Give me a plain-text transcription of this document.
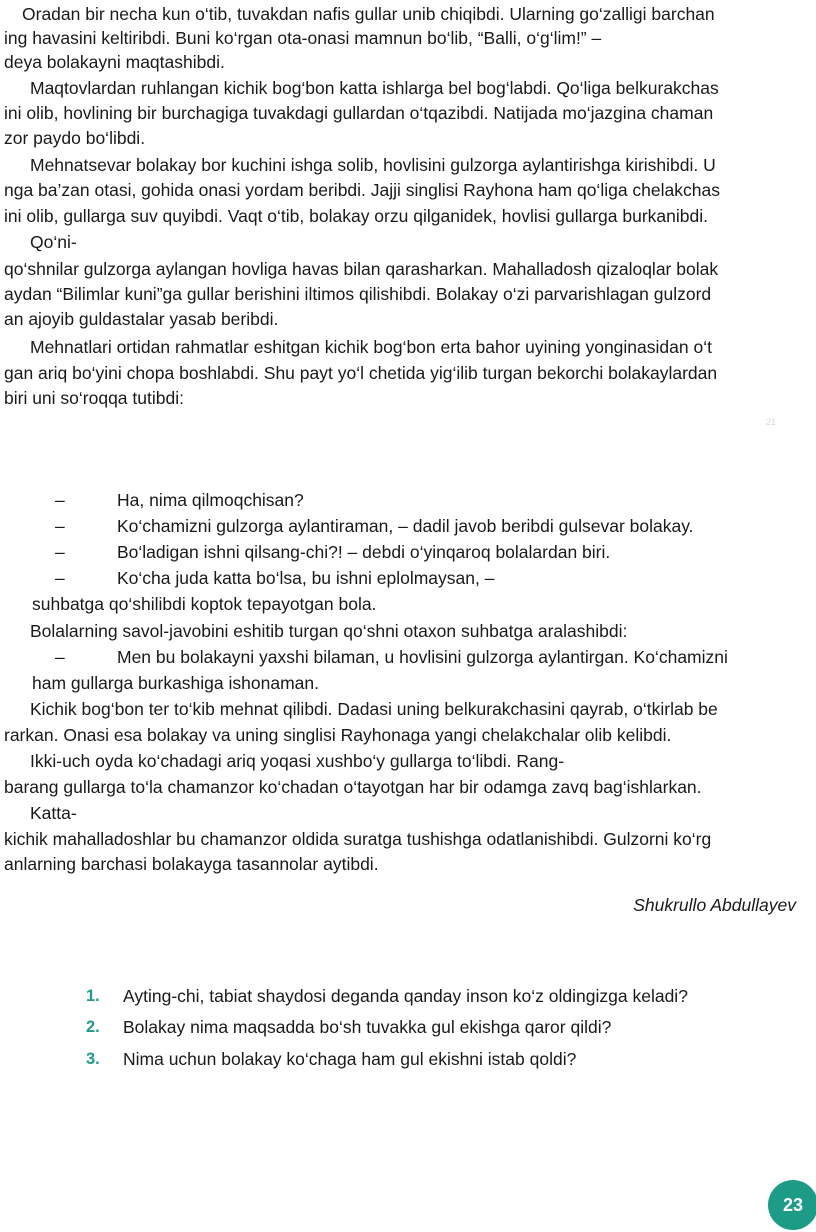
Oradan bir necha kun o‘tib, tuvakdan nafis gullar unib chiqibdi. Ularning go‘zalligi barchan
ing havasini keltiribdi. Buni ko‘rgan ota-onasi mamnun bo‘lib, “Balli, o‘g‘lim!” –
deya bolakayni maqtashibdi.
Maqtovlardan ruhlangan kichik bog‘bon katta ishlarga bel bog‘labdi. Qo‘liga belkurakchas
ini olib, hovlining bir burchagiga tuvakdagi gullardan o‘tqazibdi. Natijada mo‘jazgina chaman
zor paydo bo‘libdi.
Mehnatsevar bolakay bor kuchini ishga solib, hovlisini gulzorga aylantirishga kirishibdi. U
nga ba’zan otasi, gohida onasi yordam beribdi. Jajji singlisi Rayhona ham qo‘liga chelakchas
ini olib, gullarga suv quyibdi. Vaqt o‘tib, bolakay orzu qilganidek, hovlisi gullarga burkanibdi.
Qo‘ni-
qo‘shnilar gulzorga aylangan hovliga havas bilan qarasharkan. Mahalladosh qizaloqlar bolak
aydan “Bilimlar kuni”ga gullar berishini iltimos qilishibdi. Bolakay o‘zi parvarishlagan gulzord
an ajoyib guldastalar yasab beribdi.
Mehnatlari ortidan rahmatlar eshitgan kichik bog‘bon erta bahor uyining yonginasidan o‘t
gan ariq bo‘yini chopa boshlabdi. Shu payt yo‘l chetida yig‘ilib turgan bekorchi bolakaylardan
biri uni so‘roqqa tutibdi:
21
–	Ha, nima qilmoqchisan?
–	Ko‘chamizni gulzorga aylantiraman, – dadil javob beribdi gulsevar bolakay.
–	Bo‘ladigan ishni qilsang-chi?! – debdi o‘yinqaroq bolalardan biri.
–	Ko‘cha juda katta bo‘lsa, bu ishni eplolmaysan, –
suhbatga qo‘shilibdi koptok tepayotgan bola.
Bolalarning savol-javobini eshitib turgan qo‘shni otaxon suhbatga aralashibdi:
–	Men bu bolakayni yaxshi bilaman, u hovlisini gulzorga aylantirgan. Ko‘chamizni
ham gullarga burkashiga ishonaman.
Kichik bog‘bon ter to‘kib mehnat qilibdi. Dadasi uning belkurakchasini qayrab, o‘tkirlab be
rarkan. Onasi esa bolakay va uning singlisi Rayhonaga yangi chelakchalar olib kelibdi.
Ikki-uch oyda ko‘chadagi ariq yoqasi xushbo‘y gullarga to‘libdi. Rang-
barang gullarga to‘la chamanzor ko‘chadan o‘tayotgan har bir odamga zavq bag‘ishlarkan.
Katta-
kichik mahalladoshlar bu chamanzor oldida suratga tushishga odatlanishibdi. Gulzorni ko‘rg
anlarning barchasi bolakayga tasannolar aytibdi.
Shukrullo Abdullayev
1. Ayting-chi, tabiat shaydosi deganda qanday inson ko‘z oldingizga keladi?
2. Bolakay nima maqsadda bo‘sh tuvakka gul ekishga qaror qildi?
3. Nima uchun bolakay ko‘chaga ham gul ekishni istab qoldi?
23
